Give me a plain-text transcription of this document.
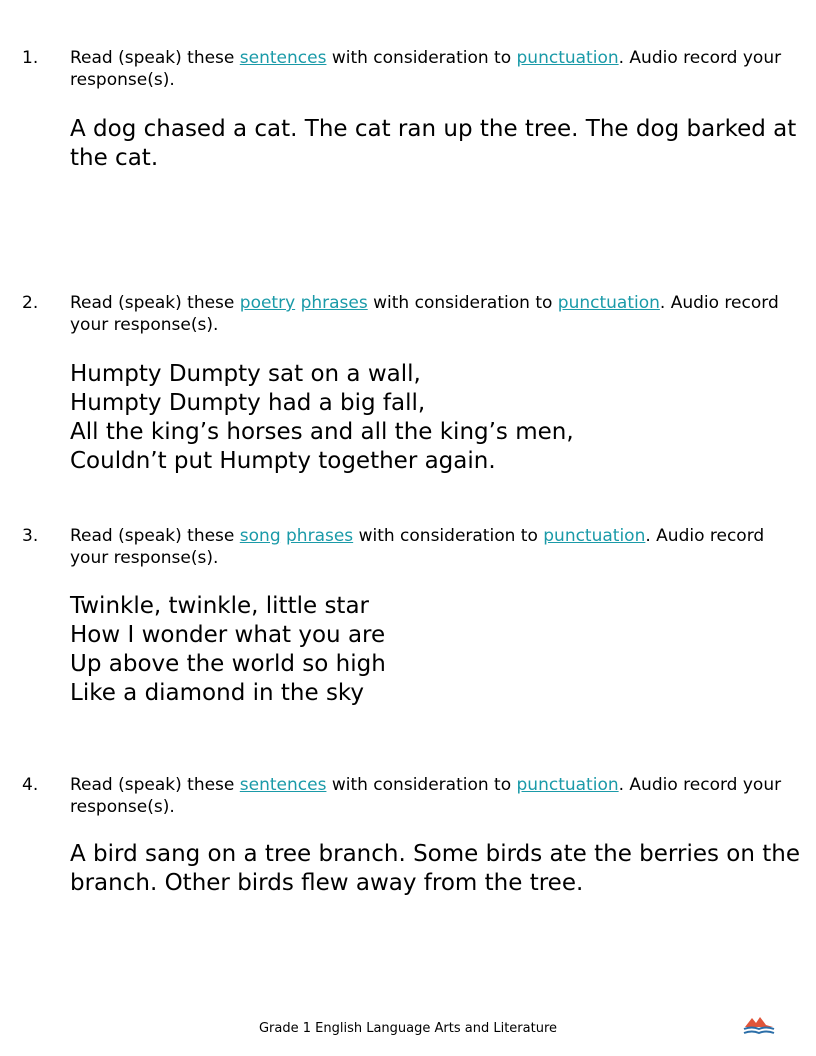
1. Read (speak) these sentences with consideration to punctuation. Audio record your response(s).
A dog chased a cat. The cat ran up the tree. The dog barked at
the cat.
2. Read (speak) these poetry phrases with consideration to punctuation. Audio record your response(s).
Humpty Dumpty sat on a wall,
Humpty Dumpty had a big fall,
All the king’s horses and all the king’s men,
Couldn’t put Humpty together again.
3. Read (speak) these song phrases with consideration to punctuation. Audio record your response(s).
Twinkle, twinkle, little star
How I wonder what you are
Up above the world so high
Like a diamond in the sky
4. Read (speak) these sentences with consideration to punctuation. Audio record your response(s).
A bird sang on a tree branch. Some birds ate the berries on the
branch. Other birds flew away from the tree.
Grade 1 English Language Arts and Literature
